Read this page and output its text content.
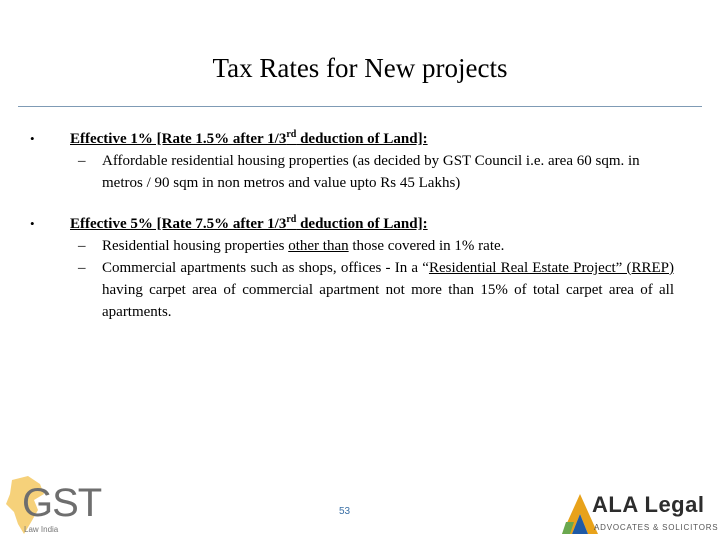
Tax Rates for New projects
•	Effective 1% [Rate 1.5% after 1/3rd deduction of Land]:
– Affordable residential housing properties (as decided by GST Council i.e. area 60 sqm. in metros / 90 sqm in non metros and value upto Rs 45 Lakhs)
•	Effective 5% [Rate 7.5% after 1/3rd deduction of Land]:
– Residential housing properties other than those covered in 1% rate.
– Commercial apartments such as shops, offices - In a “Residential Real Estate Project” (RREP) having carpet area of commercial apartment not more than 15% of total carpet area of all apartments.
53
GST
Law India
ALA Legal
ADVOCATES & SOLICITORS
